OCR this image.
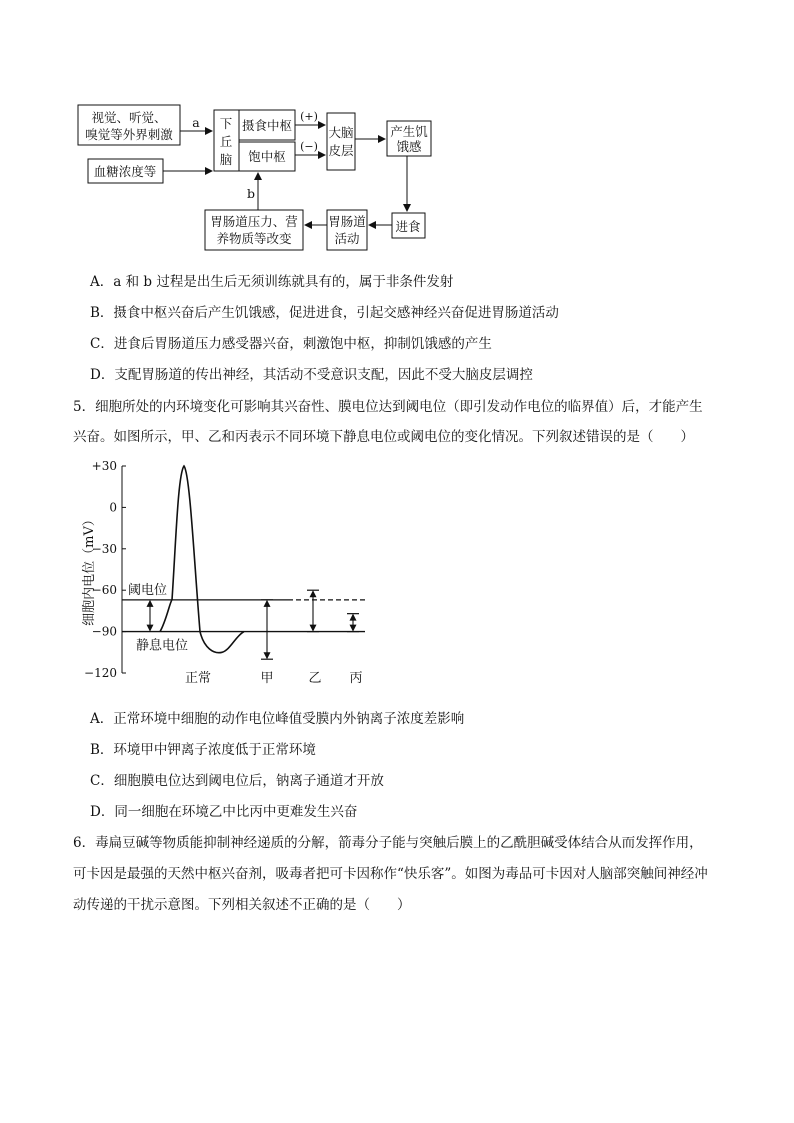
视觉、听觉、
嗅觉等外界刺激
血糖浓度等
a 下
丘
脑
摄食中枢
饱中枢
(+)
(−)
大脑
皮层
产生饥
饿感
进食
胃肠道
活动
胃肠道压力、营
养物质等改变
b
A．a 和 b 过程是出生后无须训练就具有的，属于非条件发射
B．摄食中枢兴奋后产生饥饿感，促进进食，引起交感神经兴奋促进胃肠道活动
C．进食后胃肠道压力感受器兴奋，刺激饱中枢，抑制饥饿感的产生
D．支配胃肠道的传出神经，其活动不受意识支配，因此不受大脑皮层调控
5．细胞所处的内环境变化可影响其兴奋性、膜电位达到阈电位（即引发动作电位的临界值）后，才能产生
兴奋。如图所示，甲、乙和丙表示不同环境下静息电位或阈电位的变化情况。下列叙述错误的是（　　）
+30
0
−30
−60
−90
−120
细胞内电位（mV） 阈电位
静息电位
正常	甲	乙 丙
A．正常环境中细胞的动作电位峰值受膜内外钠离子浓度差影响
B．环境甲中钾离子浓度低于正常环境
C．细胞膜电位达到阈电位后，钠离子通道才开放
D．同一细胞在环境乙中比丙中更难发生兴奋
6．毒扁豆碱等物质能抑制神经递质的分解，箭毒分子能与突触后膜上的乙酰胆碱受体结合从而发挥作用，
可卡因是最强的天然中枢兴奋剂，吸毒者把可卡因称作“快乐客”。如图为毒品可卡因对人脑部突触间神经冲
动传递的干扰示意图。下列相关叙述不正确的是（　　）
